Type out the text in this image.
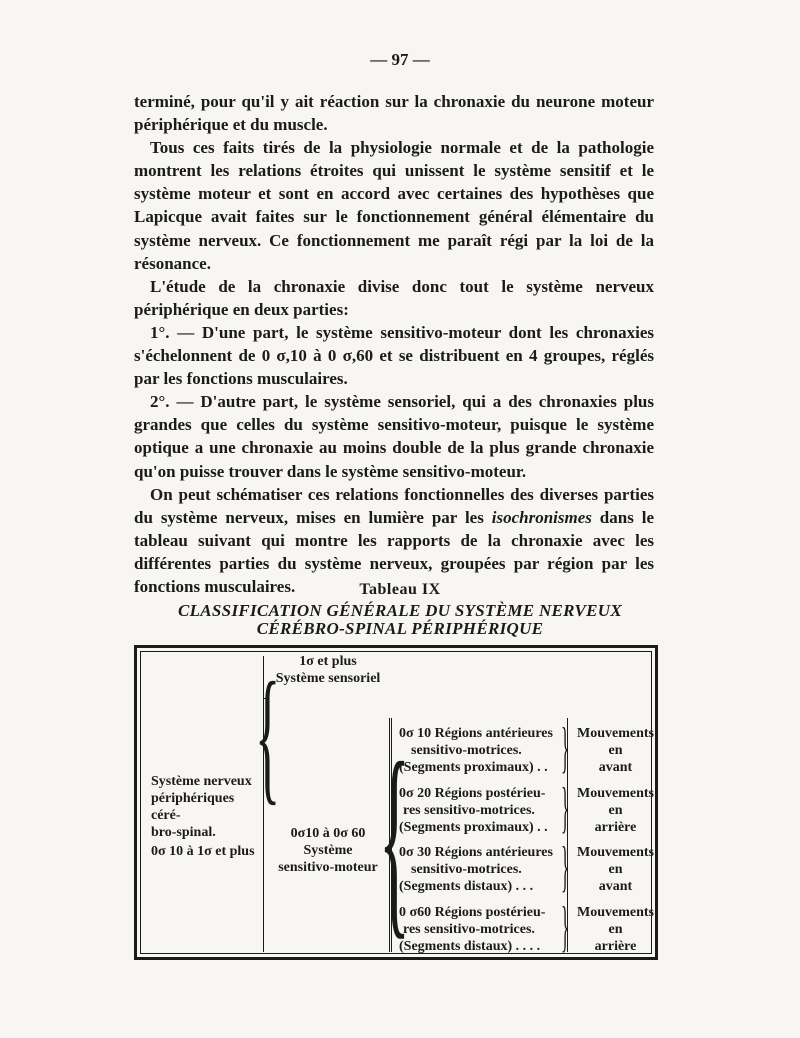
— 97 —

terminé, pour qu'il y ait réaction sur la chronaxie du neurone moteur périphérique et du muscle.

Tous ces faits tirés de la physiologie normale et de la pathologie montrent les relations étroites qui unissent le système sensitif et le système moteur et sont en accord avec certaines des hypothèses que Lapicque avait faites sur le fonctionnement général élémentaire du système nerveux. Ce fonctionnement me paraît régi par la loi de la résonance.

L'étude de la chronaxie divise donc tout le système nerveux périphérique en deux parties:

1°. — D'une part, le système sensitivo-moteur dont les chronaxies s'échelonnent de 0 σ,10 à 0 σ,60 et se distribuent en 4 groupes, réglés par les fonctions musculaires.

2°. — D'autre part, le système sensoriel, qui a des chronaxies plus grandes que celles du système sensitivo-moteur, puisque le système optique a une chronaxie au moins double de la plus grande chronaxie qu'on puisse trouver dans le système sensitivo-moteur.

On peut schématiser ces relations fonctionnelles des diverses parties du système nerveux, mises en lumière par les isochronismes dans le tableau suivant qui montre les rapports de la chronaxie avec les différentes parties du système nerveux, groupées par région par les fonctions musculaires.	Tableau IX
CLASSIFICATION GÉNÉRALE DU SYSTÈME NERVEUX
CÉRÉBRO-SPINAL PÉRIPHÉRIQUE
1σ et plus
Système sensoriel
Système nerveux
périphériques céré-
bro-spinal.
0σ 10 à 1σ et plus
0σ10 à 0σ 60
Système
sensitivo-moteur
{ {
0σ 10 Régions antérieures
sensitivo-motrices.
(Segments proximaux) . .
Mouvements
en
avant
0σ 20 Régions postérieu-
res sensitivo-motrices.
(Segments proximaux) . .
Mouvements
en
arrière
0σ 30 Régions antérieures
sensitivo-motrices.
(Segments distaux) . . .
Mouvements
en
avant
0 σ60 Régions postérieu-
res sensitivo-motrices.
(Segments distaux) . . . .
Mouvements
en
arrière
}
}
}
}
